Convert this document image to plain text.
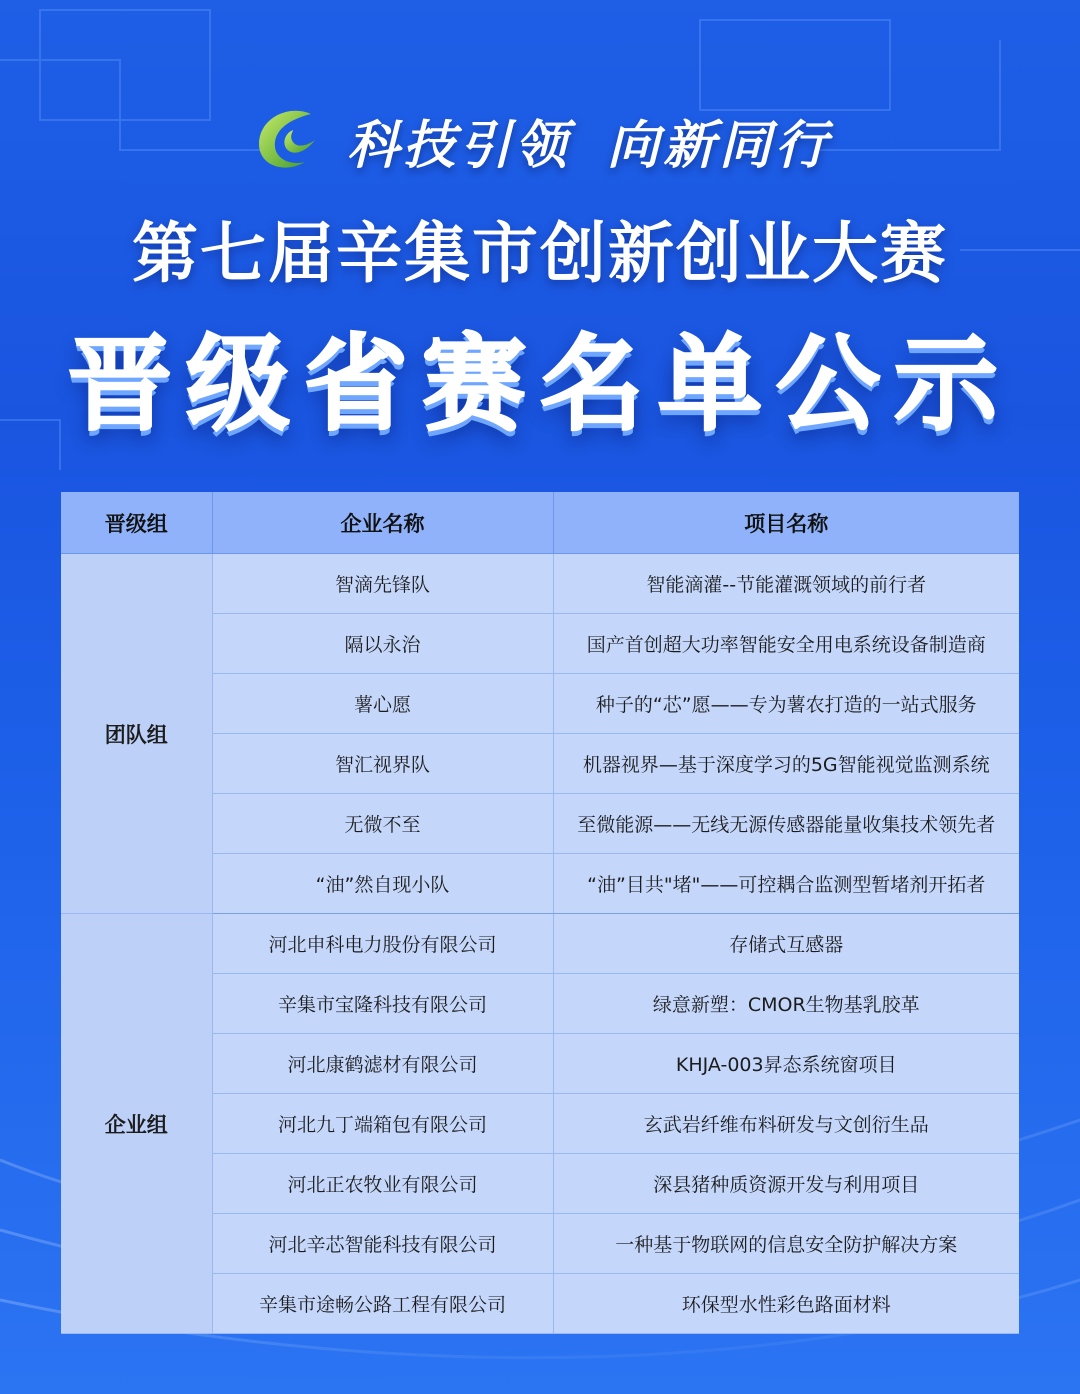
科技引领 向新同行
第七届辛集市创新创业大赛
晋级省赛名单公示
晋级组	企业名称	项目名称
团队组	智滴先锋队	智能滴灌--节能灌溉领域的前行者
	隔以永治	国产首创超大功率智能安全用电系统设备制造商
	薯心愿	种子的“芯”愿——专为薯农打造的一站式服务
	智汇视界队	机器视界—基于深度学习的5G智能视觉监测系统
	无微不至	至微能源——无线无源传感器能量收集技术领先者
	“油”然自现小队	“油”目共"堵"——可控耦合监测型暂堵剂开拓者
企业组	河北申科电力股份有限公司	存储式互感器
	辛集市宝隆科技有限公司	绿意新塑：CMOR生物基乳胶革
	河北康鹤滤材有限公司	KHJA-003昇态系统窗项目
	河北九丁端箱包有限公司	玄武岩纤维布料研发与文创衍生品
	河北正农牧业有限公司	深县猪种质资源开发与利用项目
	河北辛芯智能科技有限公司	一种基于物联网的信息安全防护解决方案
	辛集市途畅公路工程有限公司	环保型水性彩色路面材料
